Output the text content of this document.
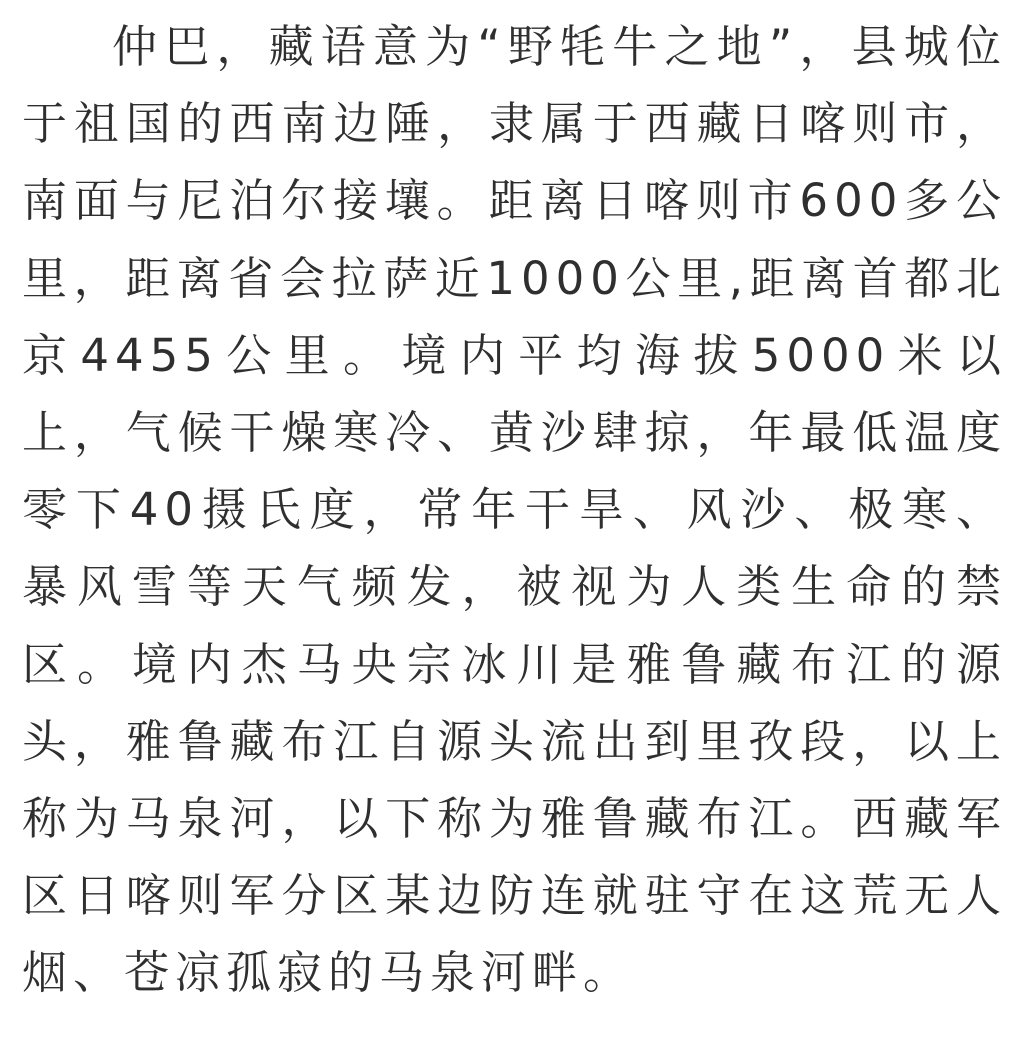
仲巴，藏语意为“野牦牛之地”，县城位于祖国的西南边陲，隶属于西藏日喀则市，南面与尼泊尔接壤。距离日喀则市600多公里，距离省会拉萨近1000公里,距离首都北京4455公里。境内平均海拔5000米以上，气候干燥寒冷、黄沙肆掠，年最低温度零下40摄氏度，常年干旱、风沙、极寒、暴风雪等天气频发，被视为人类生命的禁区。境内杰马央宗冰川是雅鲁藏布江的源头，雅鲁藏布江自源头流出到里孜段，以上称为马泉河，以下称为雅鲁藏布江。西藏军区日喀则军分区某边防连就驻守在这荒无人烟、苍凉孤寂的马泉河畔。
